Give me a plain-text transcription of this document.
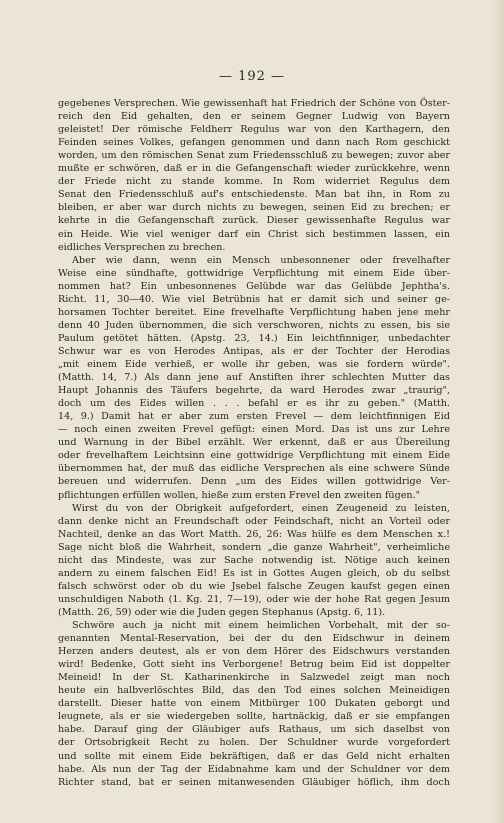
— 192 —
gegebenes Versprechen. Wie gewissenhaft hat Friedrich der Schöne von Öster-
reich den Eid gehalten, den er seinem Gegner Ludwig von Bayern
geleistet! Der römische Feldherr Regulus war von den Karthagern, den
Feinden seines Volkes, gefangen genommen und dann nach Rom geschickt
worden, um den römischen Senat zum Friedensschluß zu bewegen; zuvor aber
mußte er schwören, daß er in die Gefangenschaft wieder zurückkehre, wenn
der Friede nicht zu stande komme. In Rom widerriet Regulus dem
Senat den Friedensschluß auf's entschiedenste. Man bat ihn, in Rom zu
bleiben, er aber war durch nichts zu bewegen, seinen Eid zu brechen; er
kehrte in die Gefangenschaft zurück. Dieser gewissenhafte Regulus war
ein Heide. Wie viel weniger darf ein Christ sich bestimmen lassen, ein
eidliches Versprechen zu brechen.
Aber wie dann, wenn ein Mensch unbesonnener oder frevelhafter
Weise eine sündhafte, gottwidrige Verpflichtung mit einem Eide über-
nommen hat? Ein unbesonnenes Gelübde war das Gelübde Jephtha's.
Richt. 11, 30—40. Wie viel Betrübnis hat er damit sich und seiner ge-
horsamen Tochter bereitet. Eine frevelhafte Verpflichtung haben jene mehr
denn 40 Juden übernommen, die sich verschworen, nichts zu essen, bis sie
Paulum getötet hätten. (Apstg. 23, 14.) Ein leichtfinniger, unbedachter
Schwur war es von Herodes Antipas, als er der Tochter der Herodias
„mit einem Eide verhieß, er wolle ihr geben, was sie fordern würde".
(Matth. 14, 7.) Als dann jene auf Anstiften ihrer schlechten Mutter das
Haupt Johannis des Täufers begehrte, da ward Herodes zwar „traurig",
doch um des Eides willen . . . befahl er es ihr zu geben." (Matth.
14, 9.) Damit hat er aber zum ersten Frevel — dem leichtfinnigen Eid
— noch einen zweiten Frevel gefügt: einen Mord. Das ist uns zur Lehre
und Warnung in der Bibel erzählt. Wer erkennt, daß er aus Übereilung
oder frevelhaftem Leichtsinn eine gottwidrige Verpflichtung mit einem Eide
übernommen hat, der muß das eidliche Versprechen als eine schwere Sünde
bereuen und widerrufen. Denn „um des Eides willen gottwidrige Ver-
pflichtungen erfüllen wollen, hieße zum ersten Frevel den zweiten fügen."
Wirst du von der Obrigkeit aufgefordert, einen Zeugeneid zu leisten,
dann denke nicht an Freundschaft oder Feindschaft, nicht an Vorteil oder
Nachteil, denke an das Wort Matth. 26, 26: Was hülfe es dem Menschen x.!
Sage nicht bloß die Wahrheit, sondern „die ganze Wahrheit", verheimliche
nicht das Mindeste, was zur Sache notwendig ist. Nötige auch keinen
andern zu einem falschen Eid! Es ist in Gottes Augen gleich, ob du selbst
falsch schwörst oder ob du wie Jsebel falsche Zeugen kaufst gegen einen
unschuldigen Naboth (1. Kg. 21, 7—19), oder wie der hohe Rat gegen Jesum
(Matth. 26, 59) oder wie die Juden gegen Stephanus (Apstg. 6, 11).
Schwöre auch ja nicht mit einem heimlichen Vorbehalt, mit der so-
genannten Mental-Reservation, bei der du den Eidschwur in deinem
Herzen anders deutest, als er von dem Hörer des Eidschwurs verstanden
wird! Bedenke, Gott sieht ins Verborgene! Betrug beim Eid ist doppelter
Meineid! In der St. Katharinenkirche in Salzwedel zeigt man noch
heute ein halbverlöschtes Bild, das den Tod eines solchen Meineidigen
darstellt. Dieser hatte von einem Mitbürger 100 Dukaten geborgt und
leugnete, als er sie wiedergeben sollte, hartnäckig, daß er sie empfangen
habe. Darauf ging der Gläubiger aufs Rathaus, um sich daselbst von
der Ortsobrigkeit Recht zu holen. Der Schuldner wurde vorgefordert
und sollte mit einem Eide bekräftigen, daß er das Geld nicht erhalten
habe. Als nun der Tag der Eidabnahme kam und der Schuldner vor dem
Richter stand, bat er seinen mitanwesenden Gläubiger höflich, ihm doch
